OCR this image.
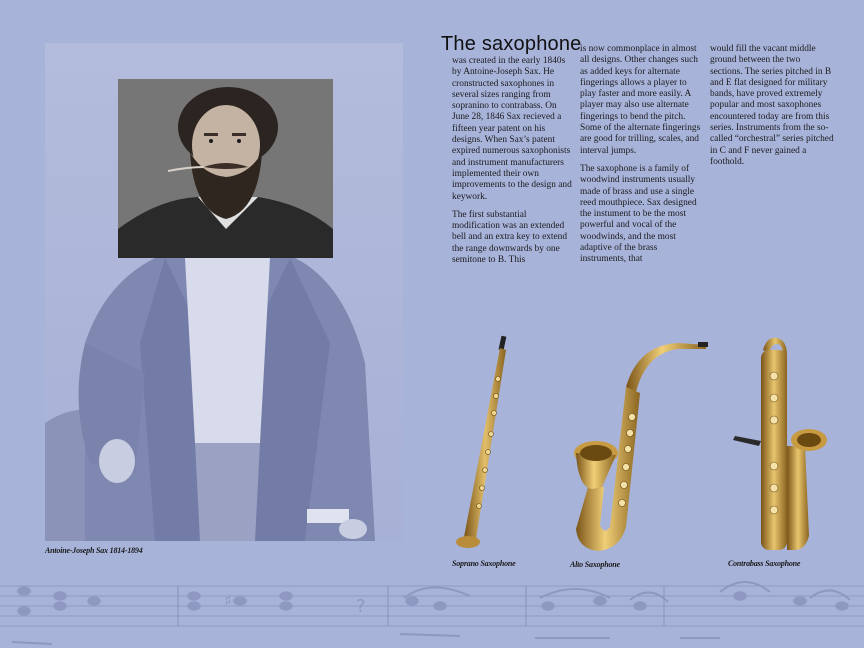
Antoine-Joseph Sax 1814-1894
The saxophone

was created in the early 1840s by Antoine-Joseph Sax. He cronstructed saxophones in several sizes ranging from sopranino to contrabass. On June 28, 1846 Sax recieved a fifteen year patent on his designs. When Sax’s patent expired numerous saxophonists and instrument manufacturers implemented their own improvements to the design and keywork.

The first substantial modification was an extended bell and an extra key to extend the range downwards by one semitone to B. This

is now commonplace in almost all designs. Other changes such as added keys for alternate fingerings allows a player to play faster and more easily. A player may also use alternate fingerings to bend the pitch. Some of the alternate fingerings are good for trilling, scales, and interval jumps.

The saxophone is a family of woodwind instruments usually made of brass and use a single reed mouthpiece. Sax designed the instument to be the most powerful and vocal of the woodwinds, and the most adaptive of the brass instruments, that

would fill the vacant middle ground between the two sections. The series pitched in B and E flat designed for military bands, have proved extremely popular and most saxophones encountered today are from this series. Instruments from the so-called “orchestral” series pitched in C and F never gained a foothold.

Soprano Saxophone	Alto Saxophone	Contrabass Saxophone
♯	?
